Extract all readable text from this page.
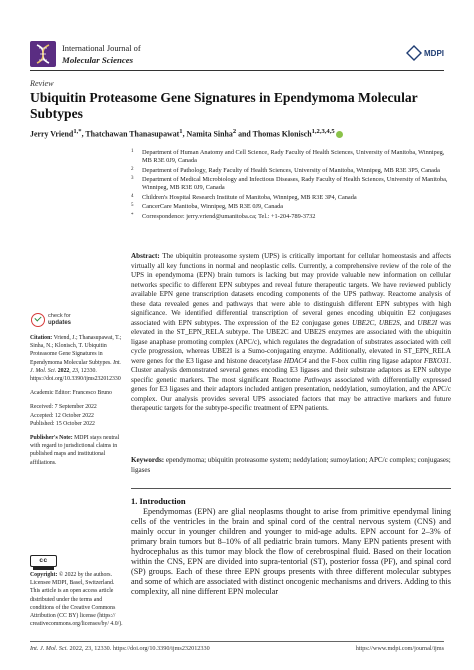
International Journal of
Molecular Sciences
MDPI
Review
Ubiquitin Proteasome Gene Signatures in Ependymoma Molecular Subtypes
Jerry Vriend$^{1,*}$, Thatchawan Thanasupawat$^1$, Namita Sinha$^2$ and Thomas Klonisch$^{1,2,3,4,5}$
1 Department of Human Anatomy and Cell Science, Rady Faculty of Health Sciences, University of Manitoba, Winnipeg, MB R3E 0J9, Canada
2 Department of Pathology, Rady Faculty of Health Sciences, University of Manitoba, Winnipeg, MB R3E 3P5, Canada
3 Department of Medical Microbiology and Infectious Diseases, Rady Faculty of Health Sciences, University of Manitoba, Winnipeg, MB R3E 0J9, Canada
4 Children's Hospital Research Institute of Manitoba, Winnipeg, MB R3E 3P4, Canada
5 CancerCare Manitoba, Winnipeg, MB R3E 0J9, Canada
* Correspondence: jerry.vriend@umanitoba.ca; Tel.: +1-204-789-3732
Abstract: The ubiquitin proteasome system (UPS) is critically important for cellular homeostasis and affects virtually all key functions in normal and neoplastic cells. Currently, a comprehensive review of the role of the UPS in ependymoma (EPN) brain tumors is lacking but may provide valuable new information on cellular networks specific to different EPN subtypes and reveal future therapeutic targets. We have reviewed publicly available EPN gene transcription datasets encoding components of the UPS pathway. Reactome analysis of these data revealed genes and pathways that were able to distinguish different EPN subtypes with high significance. We identified differential transcription of several genes encoding ubiquitin E2 conjugases associated with EPN subtypes. The expression of the E2 conjugase genes UBE2C, UBE2S, and UBE2I was elevated in the ST_EPN_RELA subtype. The UBE2C and UBE2S enzymes are associated with the ubiquitin ligase anaphase promoting complex (APC/c), which regulates the degradation of substrates associated with cell cycle progression, whereas UBE2I is a Sumo-conjugating enzyme. Additionally, elevated in ST_EPN_RELA were genes for the E3 ligase and histone deacetylase HDAC4 and the F-box cullin ring ligase adaptor FBXO31. Cluster analysis demonstrated several genes encoding E3 ligases and their substrate adaptors as EPN subtype specific genetic markers. The most significant Reactome Pathways associated with differentially expressed genes for E3 ligases and their adaptors included antigen presentation, neddylation, sumoylation, and the APC/c complex. Our analysis provides several UPS associated factors that may be attractive markers and future therapeutic targets for the subtype-specific treatment of EPN patients.
Keywords: ependymoma; ubiquitin proteasome system; neddylation; sumoylation; APC/c complex; conjugases; ligases
1. Introduction
Ependymomas (EPN) are glial neoplasms thought to arise from primitive ependymal lining cells of the ventricles in the brain and spinal cord of the central nervous system (CNS) and mainly occur in younger children and younger to mid-age adults. EPN account for 2–3% of primary brain tumors but 8–10% of all pediatric brain tumors. Many EPN patients present with hydrocephalus as this tumor may block the flow of cerebrospinal fluid. Based on their location within the CNS, EPN are divided into supra-tentorial (ST), posterior fossa (PF), and spinal cord (SP) groups. Each of these three EPN groups presents with three different molecular subtypes and some of which are associated with distinct oncogenic mechanisms and drivers. Adding to this complexity, all nine different EPN molecular
check for
updates
Citation: Vriend, J.; Thanasupawat, T.; Sinha, N.; Klonisch, T. Ubiquitin Proteasome Gene Signatures in Ependymoma Molecular Subtypes. Int. J. Mol. Sci. 2022, 23, 12330. https://doi.org/10.3390/ijms232012330
Academic Editor: Francesco Bruno
Received: 7 September 2022
Accepted: 12 October 2022
Published: 15 October 2022
Publisher's Note: MDPI stays neutral with regard to jurisdictional claims in published maps and institutional affiliations.
cc
Copyright: © 2022 by the authors. Licensee MDPI, Basel, Switzerland. This article is an open access article distributed under the terms and conditions of the Creative Commons Attribution (CC BY) license (https:// creativecommons.org/licenses/by/ 4.0/).
Int. J. Mol. Sci. 2022, 23, 12330. https://doi.org/10.3390/ijms232012330	https://www.mdpi.com/journal/ijms
